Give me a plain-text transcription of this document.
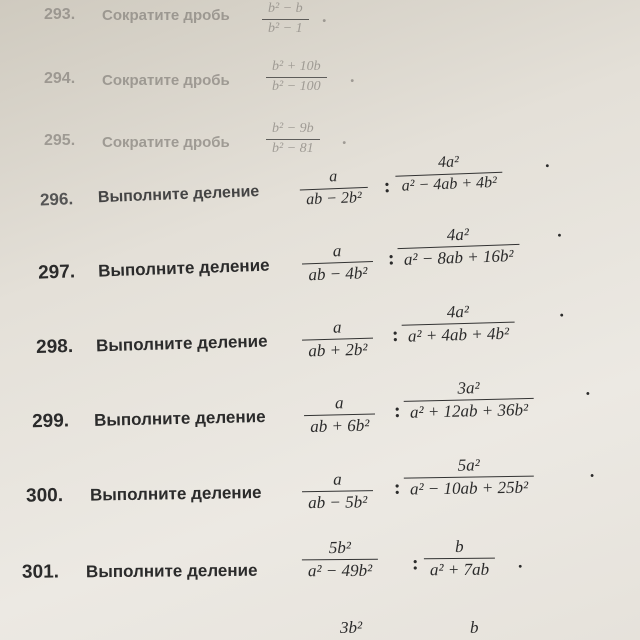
293. Сократите дробь	b² − b
b² − 1
.
294. Сократите дробь
b² + 10b
b² − 100
.
295. Сократите дробь
b² − 9b
b² − 81
.
296. Выполните деление
a
ab − 2b²
:
4a²
a² − 4ab + 4b²
.
297. Выполните деление
a
ab − 4b²
:
4a²
a² − 8ab + 16b²
.
298. Выполните деление
a
ab + 2b²
:
4a²
a² + 4ab + 4b²
.
299. Выполните деление
a
ab + 6b²
:
3a²
a² + 12ab + 36b²
.
300. Выполните деление
a
ab − 5b²
:
5a²
a² − 10ab + 25b²
.
301. Выполните деление
5b²
a² − 49b² :
b
a² + 7ab	.
3b²	b
